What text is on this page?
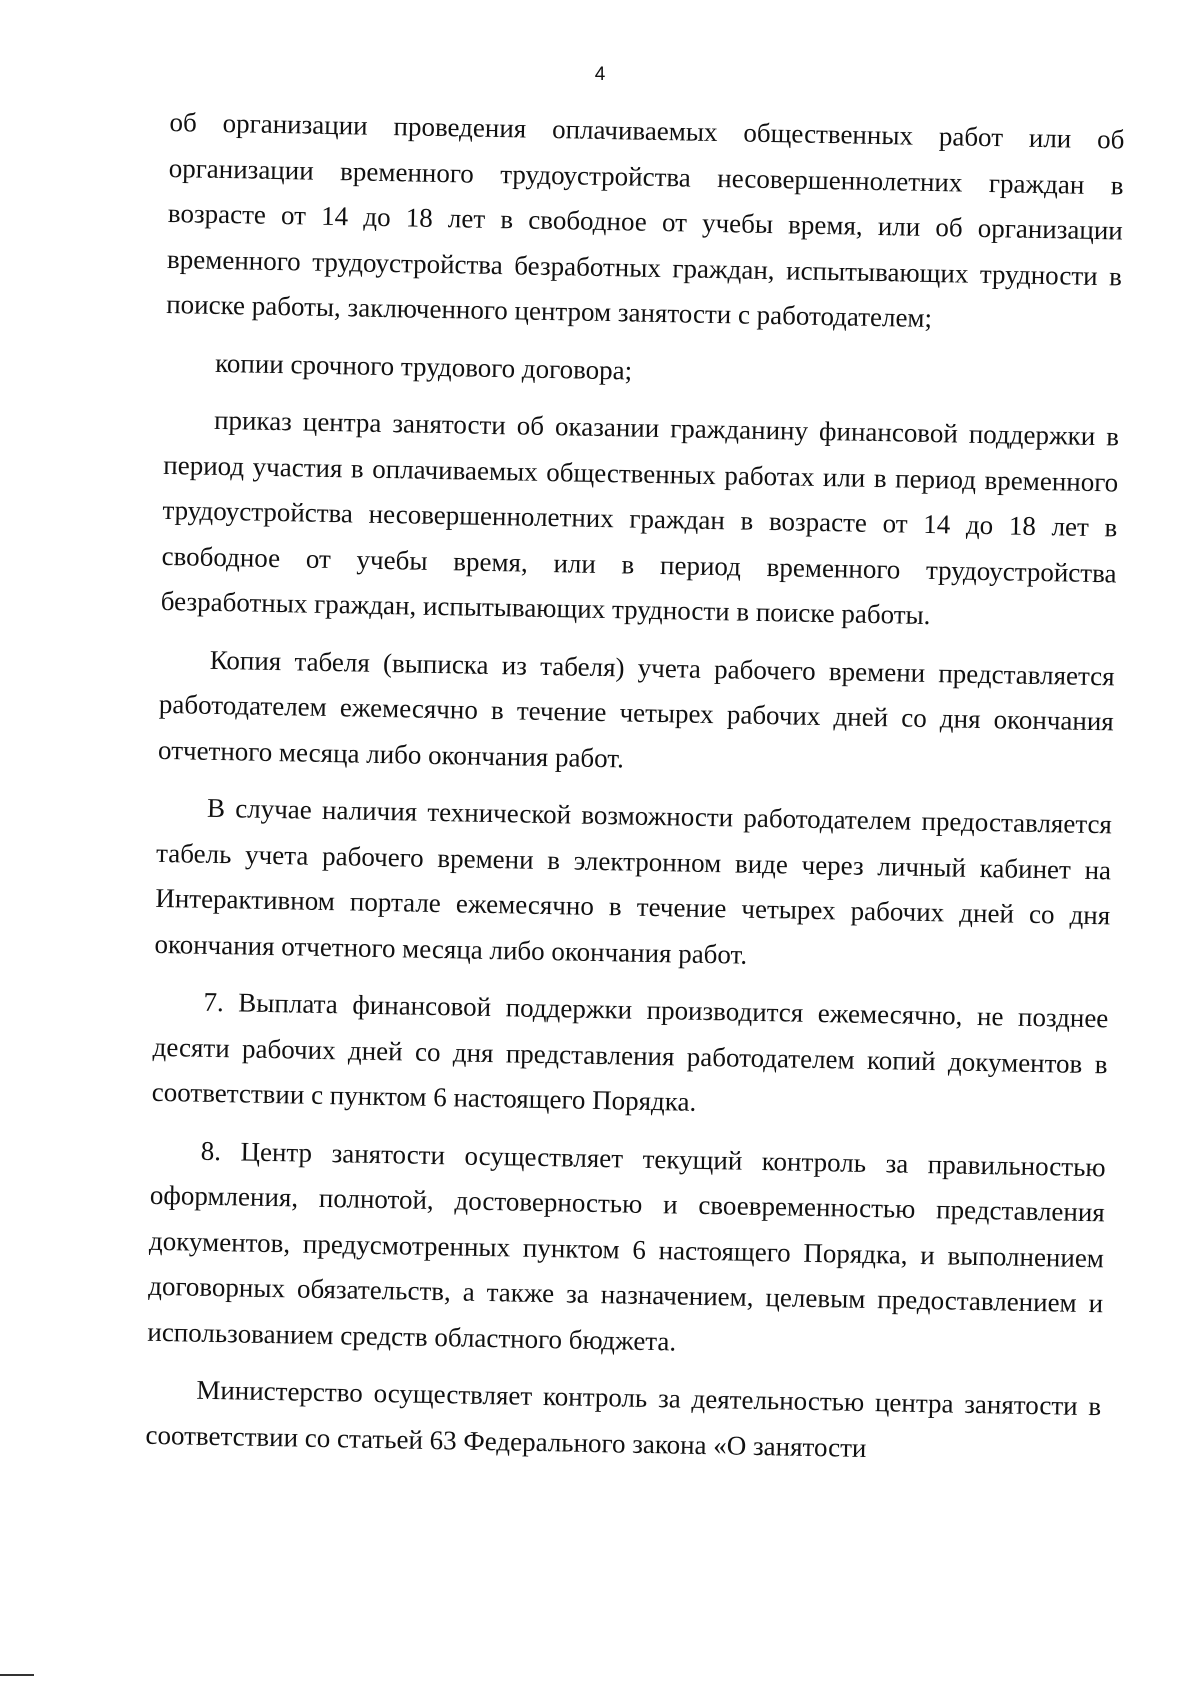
4

об организации проведения оплачиваемых общественных работ или об организации временного трудоустройства несовершеннолетних граждан в возрасте от 14 до 18 лет в свободное от учебы время, или об организации временного трудоустройства безработных граждан, испытывающих трудности в поиске работы, заключенного центром занятости с работодателем;

копии срочного трудового договора;

приказ центра занятости об оказании гражданину финансовой поддержки в период участия в оплачиваемых общественных работах или в период временного трудоустройства несовершеннолетних граждан в возрасте от 14 до 18 лет в свободное от учебы время, или в период временного трудоустройства безработных граждан, испытывающих трудности в поиске работы.

Копия табеля (выписка из табеля) учета рабочего времени представляется работодателем ежемесячно в течение четырех рабочих дней со дня окончания отчетного месяца либо окончания работ.

В случае наличия технической возможности работодателем предоставляется табель учета рабочего времени в электронном виде через личный кабинет на Интерактивном портале ежемесячно в течение четырех рабочих дней со дня окончания отчетного месяца либо окончания работ.

7. Выплата финансовой поддержки производится ежемесячно, не позднее десяти рабочих дней со дня представления работодателем копий документов в соответствии с пунктом 6 настоящего Порядка.

8. Центр занятости осуществляет текущий контроль за правильностью оформления, полнотой, достоверностью и своевременностью представления документов, предусмотренных пунктом 6 настоящего Порядка, и выполнением договорных обязательств, а также за назначением, целевым предоставлением и использованием средств областного бюджета.

Министерство осуществляет контроль за деятельностью центра занятости в соответствии со статьей 63 Федерального закона «О занятости
